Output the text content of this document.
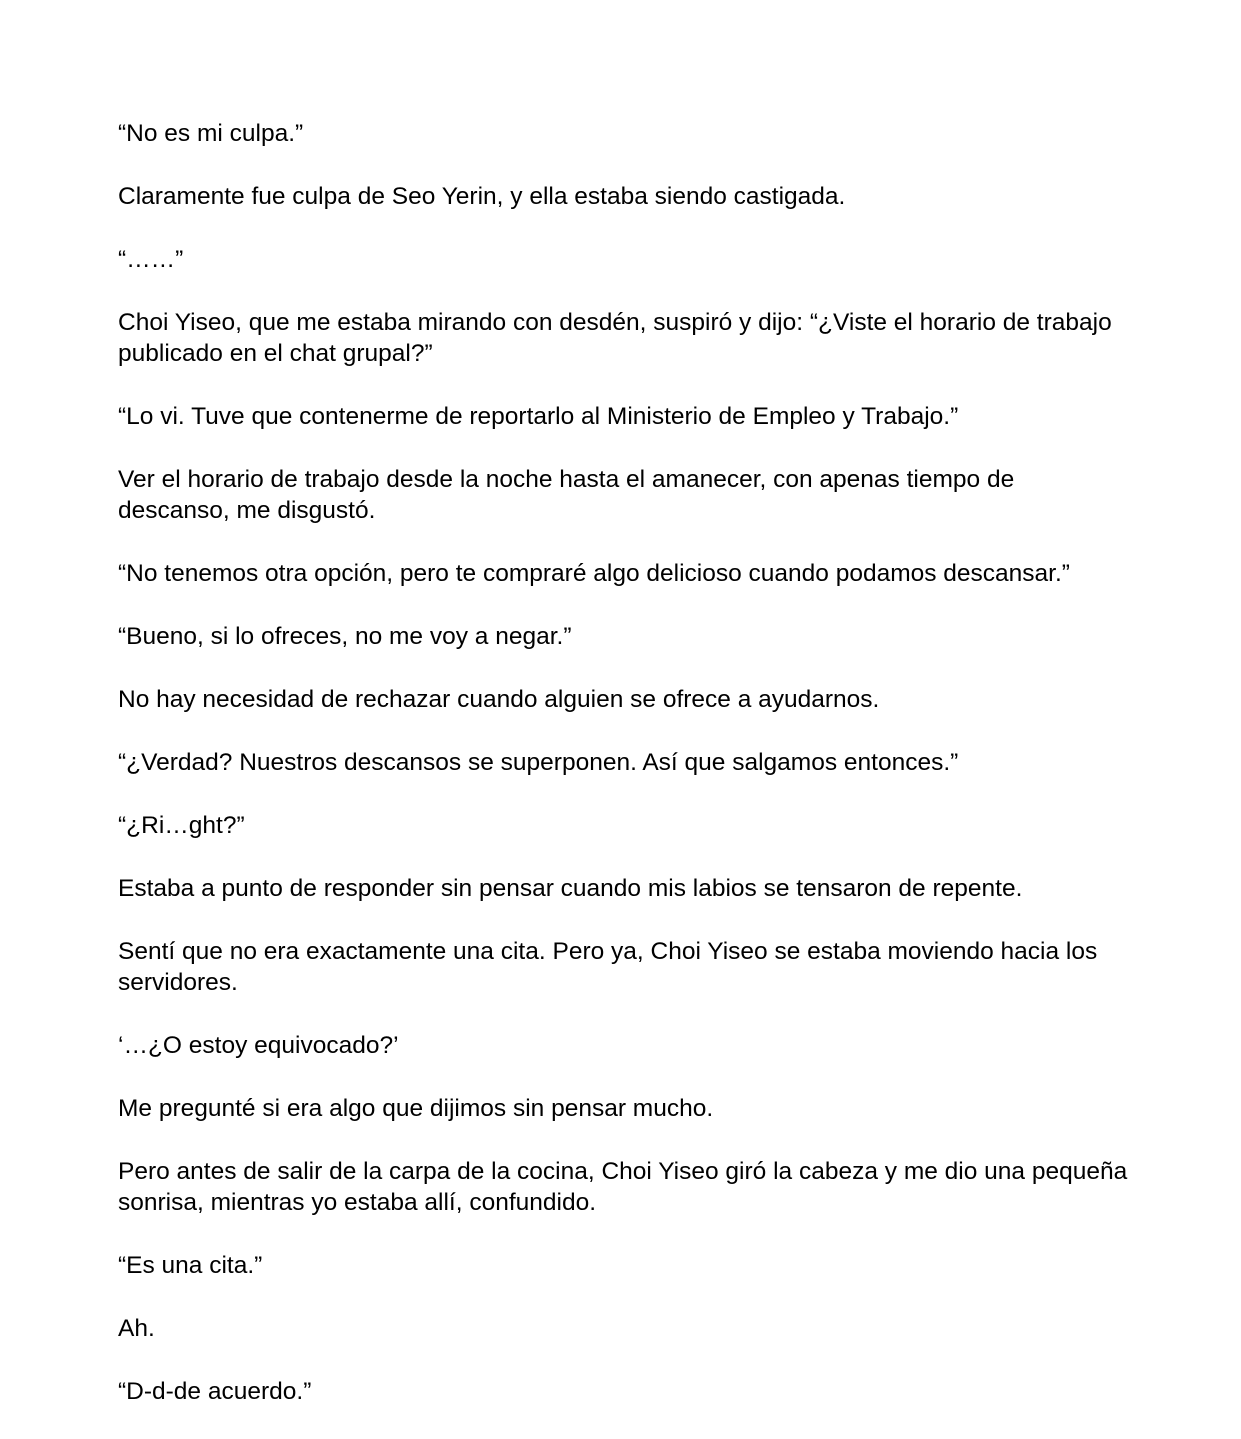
“No es mi culpa.”

Claramente fue culpa de Seo Yerin, y ella estaba siendo castigada.

“……”

Choi Yiseo, que me estaba mirando con desdén, suspiró y dijo: “¿Viste el horario de trabajo publicado en el chat grupal?”

“Lo vi. Tuve que contenerme de reportarlo al Ministerio de Empleo y Trabajo.”

Ver el horario de trabajo desde la noche hasta el amanecer, con apenas tiempo de descanso, me disgustó.

“No tenemos otra opción, pero te compraré algo delicioso cuando podamos descansar.”

“Bueno, si lo ofreces, no me voy a negar.”

No hay necesidad de rechazar cuando alguien se ofrece a ayudarnos.

“¿Verdad? Nuestros descansos se superponen. Así que salgamos entonces.”

“¿Ri…ght?”

Estaba a punto de responder sin pensar cuando mis labios se tensaron de repente.

Sentí que no era exactamente una cita. Pero ya, Choi Yiseo se estaba moviendo hacia los servidores.

‘…¿O estoy equivocado?’

Me pregunté si era algo que dijimos sin pensar mucho.

Pero antes de salir de la carpa de la cocina, Choi Yiseo giró la cabeza y me dio una pequeña sonrisa, mientras yo estaba allí, confundido.

“Es una cita.”

Ah.

“D-d-de acuerdo.”
